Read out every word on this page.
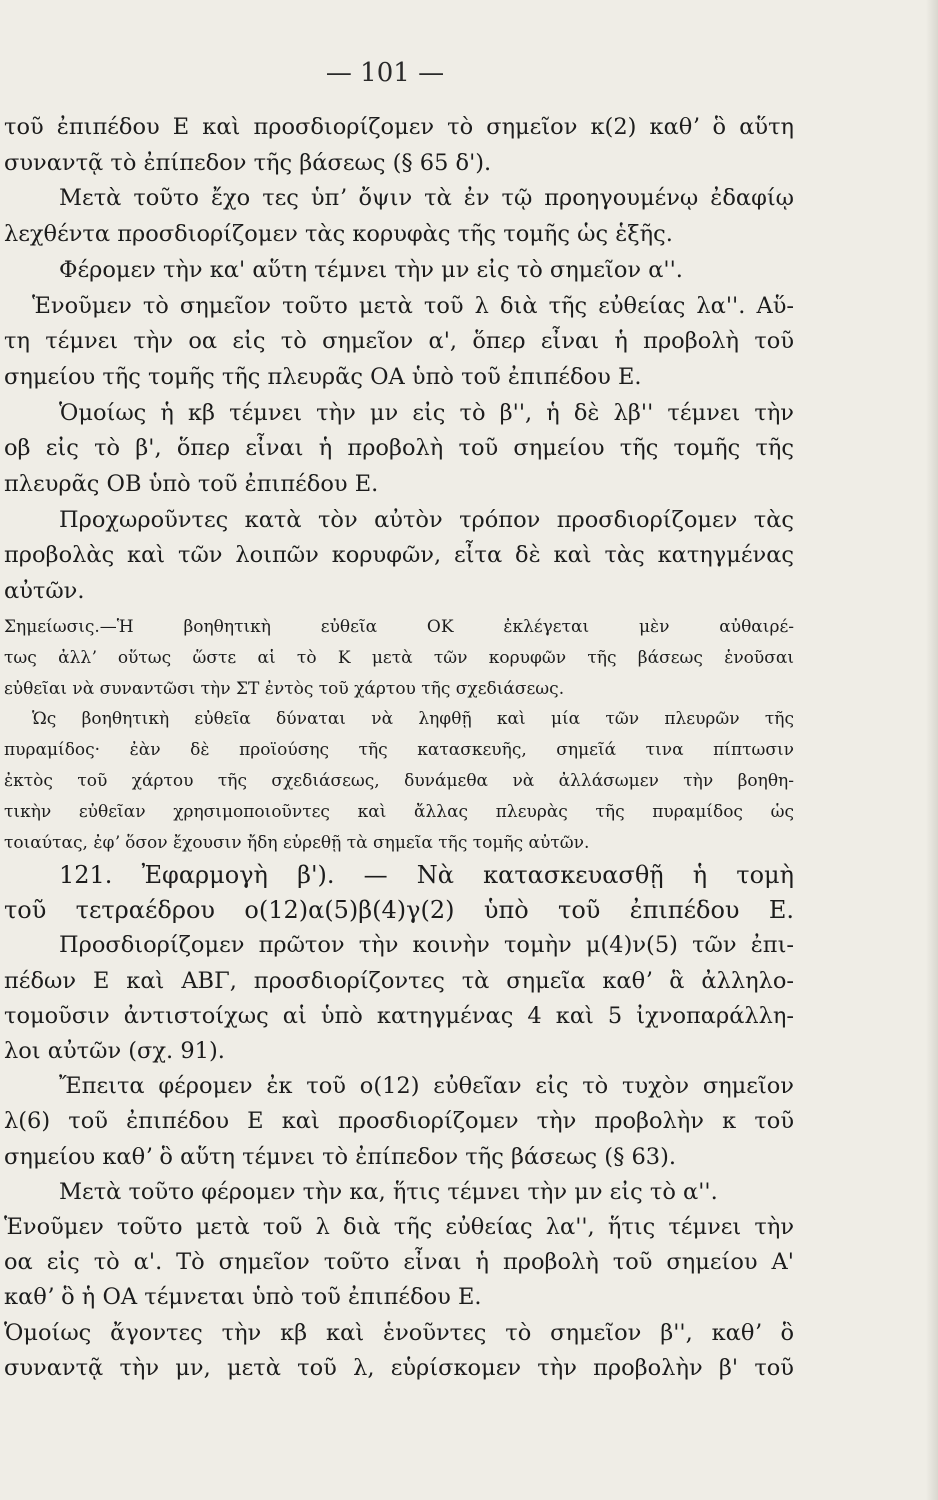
— 101 —
τοῦ ἐπιπέδου Ε καὶ προσδιορίζομεν τὸ σημεῖον κ(2) καθʼ ὃ αὕτη
συναντᾷ τὸ ἐπίπεδον τῆς βάσεως (§ 65 δ').
Μετὰ τοῦτο ἔχο τες ὑπʼ ὄψιν τὰ ἐν τῷ προηγουμένῳ ἐδαφίῳ
λεχθέντα προσδιορίζομεν τὰς κορυφὰς τῆς τομῆς ὡς ἑξῆς.
Φέρομεν τὴν κα' αὕτη τέμνει τὴν μν εἰς τὸ σημεῖον α''.
Ἑνοῦμεν τὸ σημεῖον τοῦτο μετὰ τοῦ λ διὰ τῆς εὐθείας λα''. Αὕ-
τη τέμνει τὴν οα εἰς τὸ σημεῖον α', ὅπερ εἶναι ἡ προβολὴ τοῦ
σημείου τῆς τομῆς τῆς πλευρᾶς ΟΑ ὑπὸ τοῦ ἐπιπέδου Ε.
Ὁμοίως ἡ κβ τέμνει τὴν μν εἰς τὸ β'', ἡ δὲ λβ'' τέμνει τὴν
οβ εἰς τὸ β', ὅπερ εἶναι ἡ προβολὴ τοῦ σημείου τῆς τομῆς τῆς
πλευρᾶς ΟΒ ὑπὸ τοῦ ἐπιπέδου Ε.
Προχωροῦντες κατὰ τὸν αὐτὸν τρόπον προσδιορίζομεν τὰς
προβολὰς καὶ τῶν λοιπῶν κορυφῶν, εἶτα δὲ καὶ τὰς κατηγμένας
αὐτῶν.
Σημείωσις.—Ἡ βοηθητικὴ εὐθεῖα ΟΚ ἐκλέγεται μὲν αὐθαιρέ-
τως ἀλλʼ οὕτως ὥστε αἱ τὸ Κ μετὰ τῶν κορυφῶν τῆς βάσεως ἑνοῦσαι
εὐθεῖαι νὰ συναντῶσι τὴν ΣΤ ἐντὸς τοῦ χάρτου τῆς σχεδιάσεως.
Ὡς βοηθητικὴ εὐθεῖα δύναται νὰ ληφθῇ καὶ μία τῶν πλευρῶν τῆς
πυραμίδος· ἐὰν δὲ προϊούσης τῆς κατασκευῆς, σημεῖά τινα πίπτωσιν
ἐκτὸς τοῦ χάρτου τῆς σχεδιάσεως, δυνάμεθα νὰ ἀλλάσωμεν τὴν βοηθη-
τικὴν εὐθεῖαν χρησιμοποιοῦντες καὶ ἄλλας πλευρὰς τῆς πυραμίδος ὡς
τοιαύτας, ἐφʼ ὅσον ἔχουσιν ἤδη εὑρεθῇ τὰ σημεῖα τῆς τομῆς αὐτῶν.
121. Ἐφαρμογὴ β'). — Νὰ κατασκευασθῇ ἡ τομὴ
τοῦ τετραέδρου ο(12)α(5)β(4)γ(2) ὑπὸ τοῦ ἐπιπέδου Ε.
Προσδιορίζομεν πρῶτον τὴν κοινὴν τομὴν μ(4)ν(5) τῶν ἐπι-
πέδων Ε καὶ ΑΒΓ, προσδιορίζοντες τὰ σημεῖα καθʼ ἃ ἀλληλο-
τομοῦσιν ἀντιστοίχως αἱ ὑπὸ κατηγμένας 4 καὶ 5 ἰχνοπαράλλη-
λοι αὐτῶν (σχ. 91).
Ἔπειτα φέρομεν ἐκ τοῦ ο(12) εὐθεῖαν εἰς τὸ τυχὸν σημεῖον
λ(6) τοῦ ἐπιπέδου Ε καὶ προσδιορίζομεν τὴν προβολὴν κ τοῦ
σημείου καθʼ ὃ αὕτη τέμνει τὸ ἐπίπεδον τῆς βάσεως (§ 63).
Μετὰ τοῦτο φέρομεν τὴν κα, ἥτις τέμνει τὴν μν εἰς τὸ α''.
Ἑνοῦμεν τοῦτο μετὰ τοῦ λ διὰ τῆς εὐθείας λα'', ἥτις τέμνει τὴν
οα εἰς τὸ α'. Τὸ σημεῖον τοῦτο εἶναι ἡ προβολὴ τοῦ σημείου Α'
καθʼ ὃ ἡ ΟΑ τέμνεται ὑπὸ τοῦ ἐπιπέδου Ε.
Ὁμοίως ἄγοντες τὴν κβ καὶ ἑνοῦντες τὸ σημεῖον β'', καθʼ ὃ
συναντᾷ τὴν μν, μετὰ τοῦ λ, εὑρίσκομεν τὴν προβολὴν β' τοῦ
